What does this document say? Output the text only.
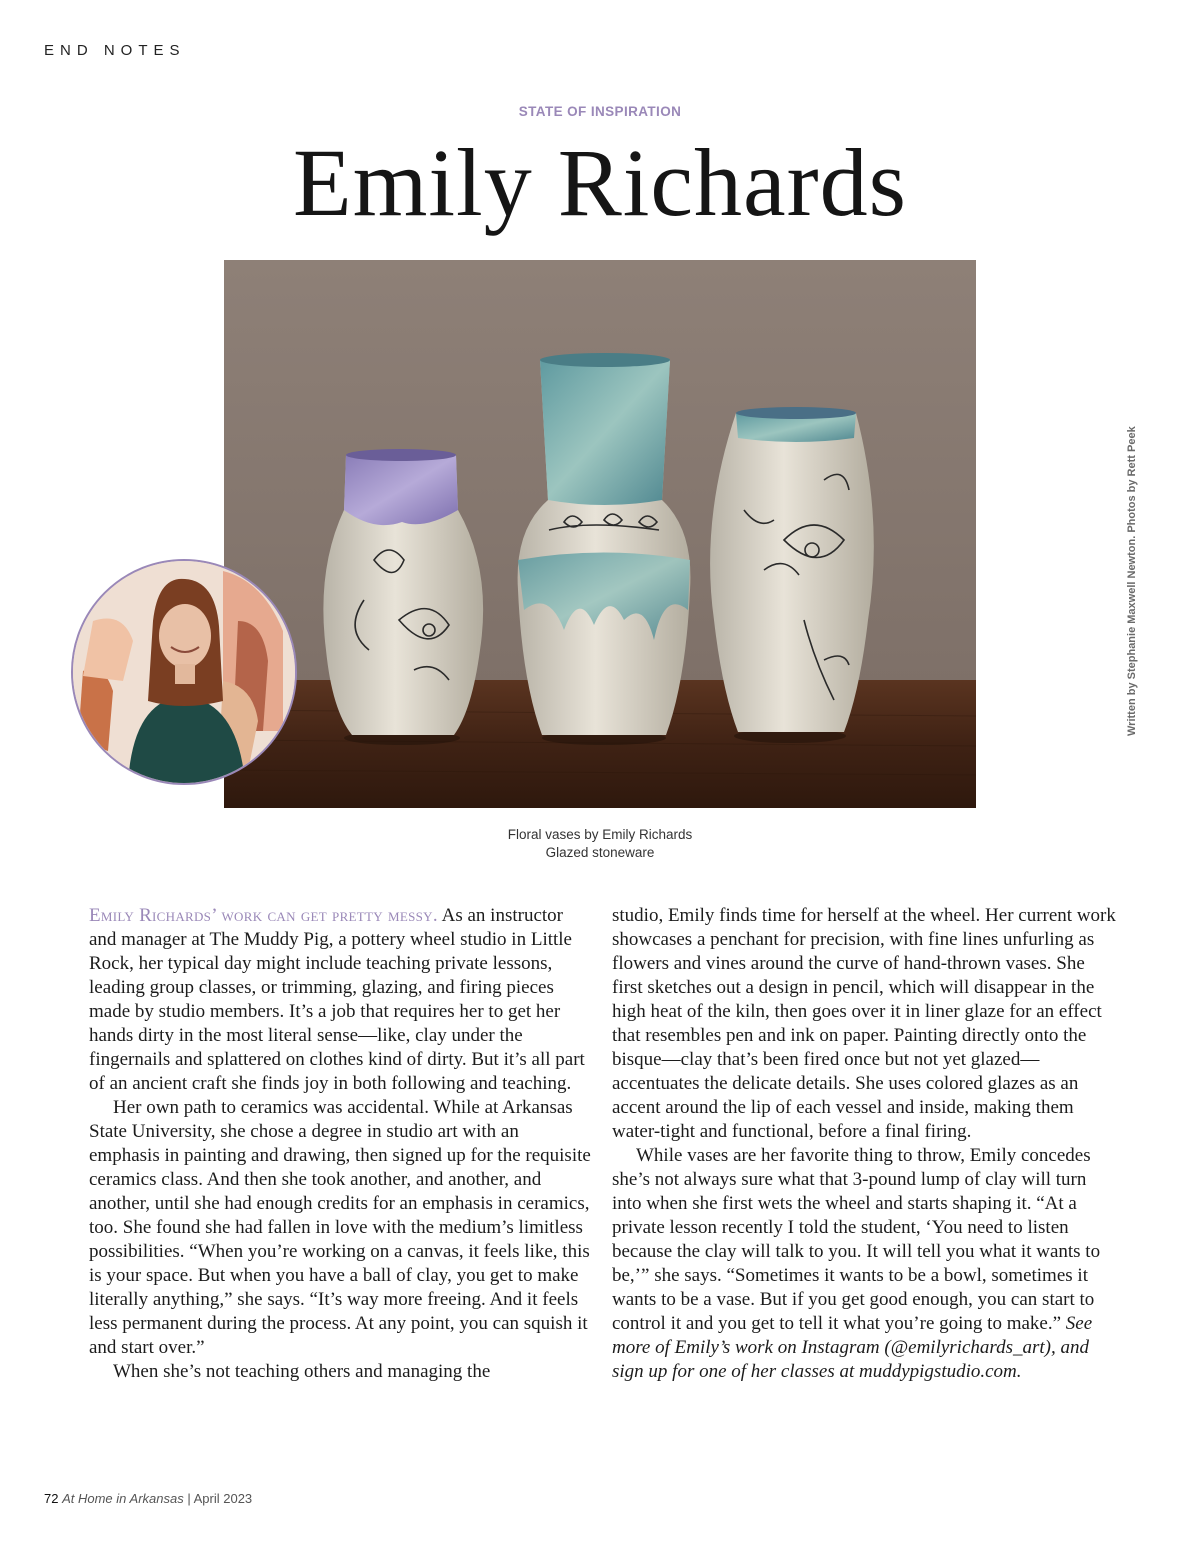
END NOTES
STATE OF INSPIRATION
Emily Richards
Written by Stephanie Maxwell Newton. Photos by Rett Peek
Floral vases by Emily Richards
Glazed stoneware

Emily Richards’ work can get pretty messy. As an instructor and manager at The Muddy Pig, a pottery wheel studio in Little Rock, her typical day might include teaching private lessons, leading group classes, or trimming, glazing, and firing pieces made by studio members. It’s a job that requires her to get her hands dirty in the most literal sense—like, clay under the fingernails and splattered on clothes kind of dirty. But it’s all part of an ancient craft she finds joy in both following and teaching.

Her own path to ceramics was accidental. While at Arkansas State University, she chose a degree in studio art with an emphasis in painting and drawing, then signed up for the requisite ceramics class. And then she took another, and another, and another, until she had enough credits for an emphasis in ceramics, too. She found she had fallen in love with the medium’s limitless possibilities. “When you’re working on a canvas, it feels like, this is your space. But when you have a ball of clay, you get to make literally anything,” she says. “It’s way more freeing. And it feels less permanent during the process. At any point, you can squish it and start over.”

When she’s not teaching others and managing the

studio, Emily finds time for herself at the wheel. Her current work showcases a penchant for precision, with fine lines unfurling as flowers and vines around the curve of hand-thrown vases. She first sketches out a design in pencil, which will disappear in the high heat of the kiln, then goes over it in liner glaze for an effect that resembles pen and ink on paper. Painting directly onto the bisque—clay that’s been fired once but not yet glazed—accentuates the delicate details. She uses colored glazes as an accent around the lip of each vessel and inside, making them water-tight and functional, before a final firing.

While vases are her favorite thing to throw, Emily concedes she’s not always sure what that 3-pound lump of clay will turn into when she first wets the wheel and starts shaping it. “At a private lesson recently I told the student, ‘You need to listen because the clay will talk to you. It will tell you what it wants to be,’” she says. “Sometimes it wants to be a bowl, sometimes it wants to be a vase. But if you get good enough, you can start to control it and you get to tell it what you’re going to make.” See more of Emily’s work on Instagram (@emilyrichards_art), and sign up for one of her classes at muddypigstudio.com.

72 At Home in Arkansas | April 2023
